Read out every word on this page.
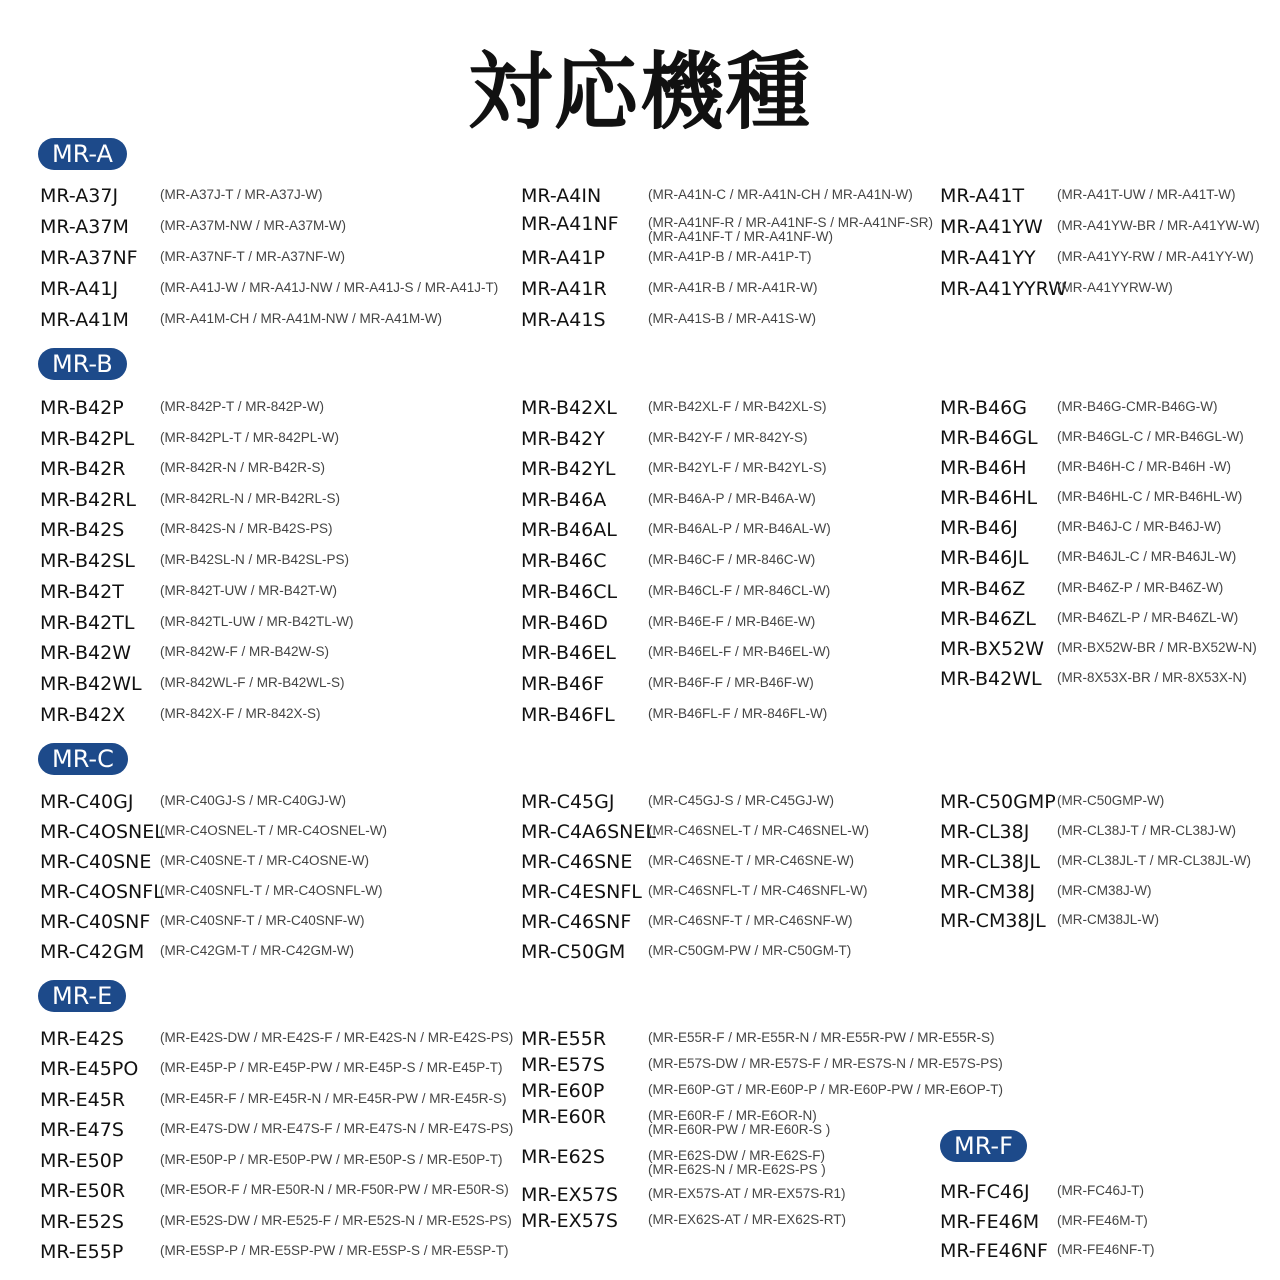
対応機種
MR-A
MR-A37J	(MR-A37J-T / MR-A37J-W)
MR-A37M (MR-A37M-NW / MR-A37M-W)
MR-A37NF (MR-A37NF-T / MR-A37NF-W)
MR-A41J	(MR-A41J-W / MR-A41J-NW / MR-A41J-S / MR-A41J-T)
MR-A41M (MR-A41M-CH / MR-A41M-NW / MR-A41M-W)
MR-A4IN	(MR-A41N-C / MR-A41N-CH / MR-A41N-W)
MR-A41NF (MR-A41NF-R / MR-A41NF-S / MR-A41NF-SR)
(MR-A41NF-T / MR-A41NF-W)
MR-A41P	(MR-A41P-B / MR-A41P-T)
MR-A41R	(MR-A41R-B / MR-A41R-W)
MR-A41S	(MR-A41S-B / MR-A41S-W)
MR-A41T (MR-A41T-UW / MR-A41T-W)
MR-A41YW (MR-A41YW-BR / MR-A41YW-W)
MR-A41YY (MR-A41YY-RW / MR-A41YY-W)
MR-A41YYRW
(MR-A41YYRW-W)
MR-B
MR-B42P	(MR-842P-T / MR-842P-W)
MR-B42PL (MR-842PL-T / MR-842PL-W)
MR-B42R	(MR-842R-N / MR-B42R-S)
MR-B42RL (MR-842RL-N / MR-B42RL-S)
MR-B42S	(MR-842S-N / MR-B42S-PS)
MR-B42SL (MR-B42SL-N / MR-B42SL-PS)
MR-B42T	(MR-842T-UW / MR-B42T-W)
MR-B42TL (MR-842TL-UW / MR-B42TL-W)
MR-B42W (MR-842W-F / MR-B42W-S)
MR-B42WL (MR-842WL-F / MR-B42WL-S)
MR-B42X	(MR-842X-F / MR-842X-S)
MR-B42XL (MR-B42XL-F / MR-B42XL-S)
MR-B42Y	(MR-B42Y-F / MR-842Y-S)
MR-B42YL (MR-B42YL-F / MR-B42YL-S)
MR-B46A	(MR-B46A-P / MR-B46A-W)
MR-B46AL (MR-B46AL-P / MR-B46AL-W)
MR-B46C	(MR-B46C-F / MR-846C-W)
MR-B46CL (MR-B46CL-F / MR-846CL-W)
MR-B46D	(MR-B46E-F / MR-B46E-W)
MR-B46EL (MR-B46EL-F / MR-B46EL-W)
MR-B46F	(MR-B46F-F / MR-B46F-W)
MR-B46FL (MR-B46FL-F / MR-846FL-W)
MR-B46G (MR-B46G-CMR-B46G-W)
MR-B46GL (MR-B46GL-C / MR-B46GL-W)
MR-B46H (MR-B46H-C / MR-B46H -W)
MR-B46HL (MR-B46HL-C / MR-B46HL-W)
MR-B46J	(MR-B46J-C / MR-B46J-W)
MR-B46JL (MR-B46JL-C / MR-B46JL-W)
MR-B46Z (MR-B46Z-P / MR-B46Z-W)
MR-B46ZL (MR-B46ZL-P / MR-B46ZL-W)
MR-BX52W (MR-BX52W-BR / MR-BX52W-N)
MR-B42WL (MR-8X53X-BR / MR-8X53X-N)
MR-C
MR-C40GJ (MR-C40GJ-S / MR-C40GJ-W)
MR-C4OSNEL
(MR-C4OSNEL-T / MR-C4OSNEL-W)
MR-C40SNE (MR-C40SNE-T / MR-C4OSNE-W)
MR-C4OSNFL
(MR-C40SNFL-T / MR-C4OSNFL-W)
MR-C40SNF (MR-C40SNF-T / MR-C40SNF-W)
MR-C42GM (MR-C42GM-T / MR-C42GM-W)
MR-C45GJ (MR-C45GJ-S / MR-C45GJ-W)
MR-C4A6SNEL
(MR-C46SNEL-T / MR-C46SNEL-W)
MR-C46SNE (MR-C46SNE-T / MR-C46SNE-W)
MR-C4ESNFL (MR-C46SNFL-T / MR-C46SNFL-W)
MR-C46SNF (MR-C46SNF-T / MR-C46SNF-W)
MR-C50GM (MR-C50GM-PW / MR-C50GM-T)
MR-C50GMP (MR-C50GMP-W)
MR-CL38J (MR-CL38J-T / MR-CL38J-W)
MR-CL38JL (MR-CL38JL-T / MR-CL38JL-W)
MR-CM38J (MR-CM38J-W)
MR-CM38JL (MR-CM38JL-W)
MR-E
MR-E42S	(MR-E42S-DW / MR-E42S-F / MR-E42S-N / MR-E42S-PS)
MR-E45PO (MR-E45P-P / MR-E45P-PW / MR-E45P-S / MR-E45P-T)
MR-E45R	(MR-E45R-F / MR-E45R-N / MR-E45R-PW / MR-E45R-S)
MR-E47S	(MR-E47S-DW / MR-E47S-F / MR-E47S-N / MR-E47S-PS)
MR-E50P	(MR-E50P-P / MR-E50P-PW / MR-E50P-S / MR-E50P-T)
MR-E50R	(MR-E5OR-F / MR-E50R-N / MR-F50R-PW / MR-E50R-S)
MR-E52S	(MR-E52S-DW / MR-E525-F / MR-E52S-N / MR-E52S-PS)
MR-E55P	(MR-E5SP-P / MR-E5SP-PW / MR-E5SP-S / MR-E5SP-T)
MR-E55R	(MR-E55R-F / MR-E55R-N / MR-E55R-PW / MR-E55R-S)
MR-E57S	(MR-E57S-DW / MR-E57S-F / MR-ES7S-N / MR-E57S-PS)
MR-E60P	(MR-E60P-GT / MR-E60P-P / MR-E60P-PW / MR-E6OP-T)
MR-E60R	(MR-E60R-F / MR-E6OR-N)
(MR-E60R-PW / MR-E60R-S )
MR-E62S	(MR-E62S-DW / MR-E62S-F)
(MR-E62S-N / MR-E62S-PS )
MR-EX57S (MR-EX57S-AT / MR-EX57S-R1)
MR-EX57S (MR-EX62S-AT / MR-EX62S-RT)
MR-F
MR-FC46J (MR-FC46J-T)
MR-FE46M (MR-FE46M-T)
MR-FE46NF (MR-FE46NF-T)
